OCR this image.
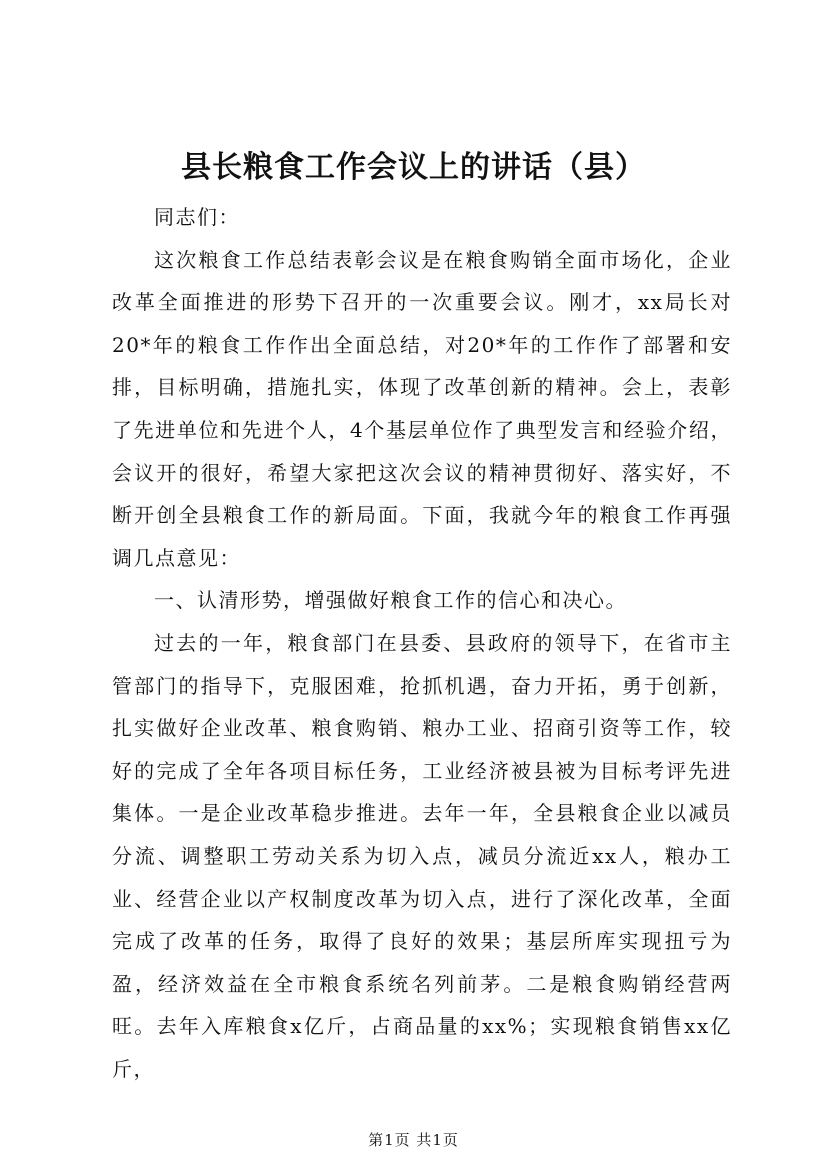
县长粮食工作会议上的讲话（县）

同志们：

这次粮食工作总结表彰会议是在粮食购销全面市场化，企业改革全面推进的形势下召开的一次重要会议。刚才，xx局长对20*年的粮食工作作出全面总结，对20*年的工作作了部署和安排，目标明确，措施扎实，体现了改革创新的精神。会上，表彰了先进单位和先进个人，4个基层单位作了典型发言和经验介绍，会议开的很好，希望大家把这次会议的精神贯彻好、落实好，不断开创全县粮食工作的新局面。下面，我就今年的粮食工作再强调几点意见：

一、认清形势，增强做好粮食工作的信心和决心。

过去的一年，粮食部门在县委、县政府的领导下，在省市主管部门的指导下，克服困难，抢抓机遇，奋力开拓，勇于创新，扎实做好企业改革、粮食购销、粮办工业、招商引资等工作，较好的完成了全年各项目标任务，工业经济被县被为目标考评先进集体。一是企业改革稳步推进。去年一年，全县粮食企业以减员分流、调整职工劳动关系为切入点，减员分流近xx人，粮办工业、经营企业以产权制度改革为切入点，进行了深化改革，全面完成了改革的任务，取得了良好的效果；基层所库实现扭亏为盈，经济效益在全市粮食系统名列前茅。二是粮食购销经营两旺。去年入库粮食x亿斤，占商品量的xx%；实现粮食销售xx亿斤，

第1页 共1页
